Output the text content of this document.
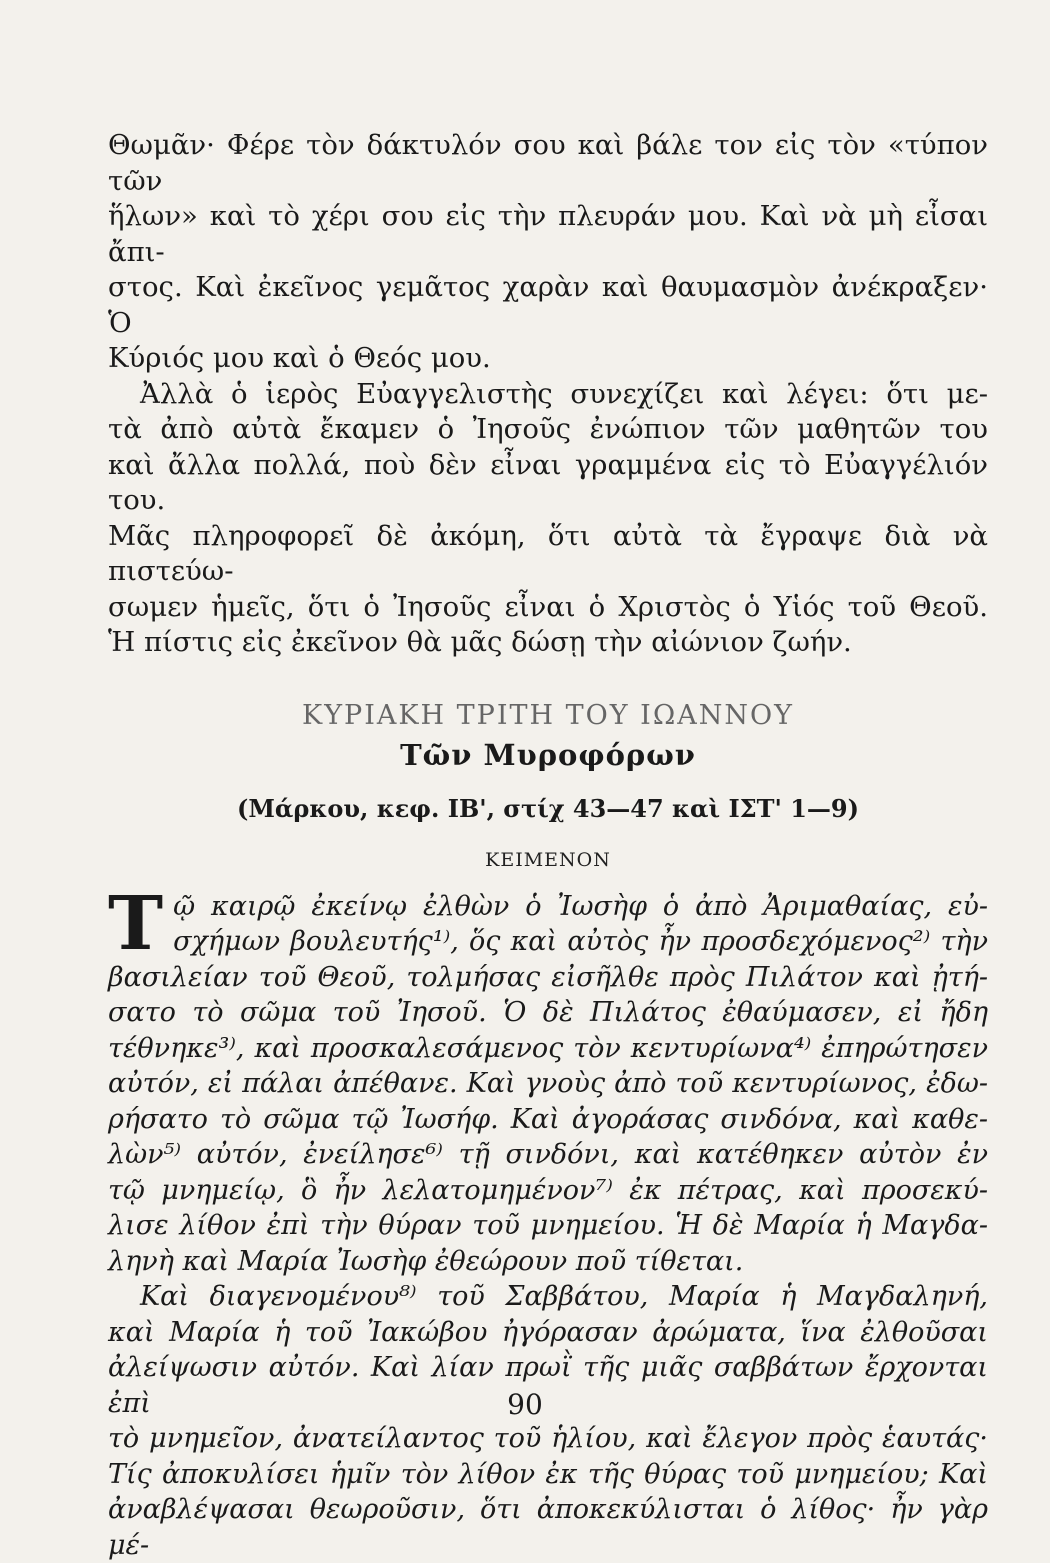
Θωμᾶν· Φέρε τὸν δάκτυλόν σου καὶ βάλε τον εἰς τὸν «τύπον τῶν

ἥλων» καὶ τὸ χέρι σου εἰς τὴν πλευράν μου. Καὶ νὰ μὴ εἶσαι ἄπι-

στος. Καὶ ἐκεῖνος γεμᾶτος χαρὰν καὶ θαυμασμὸν ἀνέκραξεν· Ὁ

Κύριός μου καὶ ὁ Θεός μου.

Ἀλλὰ ὁ ἱερὸς Εὐαγγελιστὴς συνεχίζει καὶ λέγει: ὅτι με-

τὰ ἀπὸ αὐτὰ ἔκαμεν ὁ Ἰησοῦς ἐνώπιον τῶν μαθητῶν του

καὶ ἄλλα πολλά, ποὺ δὲν εἶναι γραμμένα εἰς τὸ Εὐαγγέλιόν του.

Μᾶς πληροφορεῖ δὲ ἀκόμη, ὅτι αὐτὰ τὰ ἔγραψε διὰ νὰ πιστεύω-

σωμεν ἡμεῖς, ὅτι ὁ Ἰησοῦς εἶναι ὁ Χριστὸς ὁ Υἱός τοῦ Θεοῦ.

Ἡ πίστις εἰς ἐκεῖνον θὰ μᾶς δώσῃ τὴν αἰώνιον ζωήν.

ΚΥΡΙΑΚΗ ΤΡΙΤΗ ΤΟΥ ΙΩΑΝΝΟΥ

Τῶν Μυροφόρων

(Μάρκου, κεφ. ΙΒ', στίχ 43—47 καὶ ΙΣΤ' 1—9)

ΚΕΙΜΕΝΟΝ

Τ ῷ καιρῷ ἐκείνῳ ἐλθὼν ὁ Ἰωσὴφ ὁ ἀπὸ Ἀριμαθαίας, εὐ-

σχήμων βουλευτής¹⁾, ὅς καὶ αὐτὸς ἦν προσδεχόμενος²⁾ τὴν

βασιλείαν τοῦ Θεοῦ, τολμήσας εἰσῆλθε πρὸς Πιλάτον καὶ ᾐτή-

σατο τὸ σῶμα τοῦ Ἰησοῦ. Ὁ δὲ Πιλάτος ἐθαύμασεν, εἰ ἤδη

τέθνηκε³⁾, καὶ προσκαλεσάμενος τὸν κεντυρίωνα⁴⁾ ἐπηρώτησεν

αὐτόν, εἰ πάλαι ἀπέθανε. Καὶ γνοὺς ἀπὸ τοῦ κεντυρίωνος, ἐδω-

ρήσατο τὸ σῶμα τῷ Ἰωσήφ. Καὶ ἀγοράσας σινδόνα, καὶ καθε-

λὼν⁵⁾ αὐτόν, ἐνείλησε⁶⁾ τῇ σινδόνι, καὶ κατέθηκεν αὐτὸν ἐν

τῷ μνημείῳ, ὃ ἦν λελατομημένον⁷⁾ ἐκ πέτρας, καὶ προσεκύ-

λισε λίθον ἐπὶ τὴν θύραν τοῦ μνημείου. Ἡ δὲ Μαρία ἡ Μαγδα-

ληνὴ καὶ Μαρία Ἰωσὴφ ἐθεώρουν ποῦ τίθεται.

Καὶ διαγενομένου⁸⁾ τοῦ Σαββάτου, Μαρία ἡ Μαγδαληνή,

καὶ Μαρία ἡ τοῦ Ἰακώβου ἠγόρασαν ἀρώματα, ἵνα ἐλθοῦσαι

ἀλείψωσιν αὐτόν. Καὶ λίαν πρωῒ τῆς μιᾶς σαββάτων ἔρχονται ἐπὶ

τὸ μνημεῖον, ἀνατείλαντος τοῦ ἡλίου, καὶ ἔλεγον πρὸς ἑαυτάς·

Τίς ἀποκυλίσει ἡμῖν τὸν λίθον ἐκ τῆς θύρας τοῦ μνημείου; Καὶ

ἀναβλέψασαι θεωροῦσιν, ὅτι ἀποκεκύλισται ὁ λίθος· ἦν γὰρ μέ-

90
